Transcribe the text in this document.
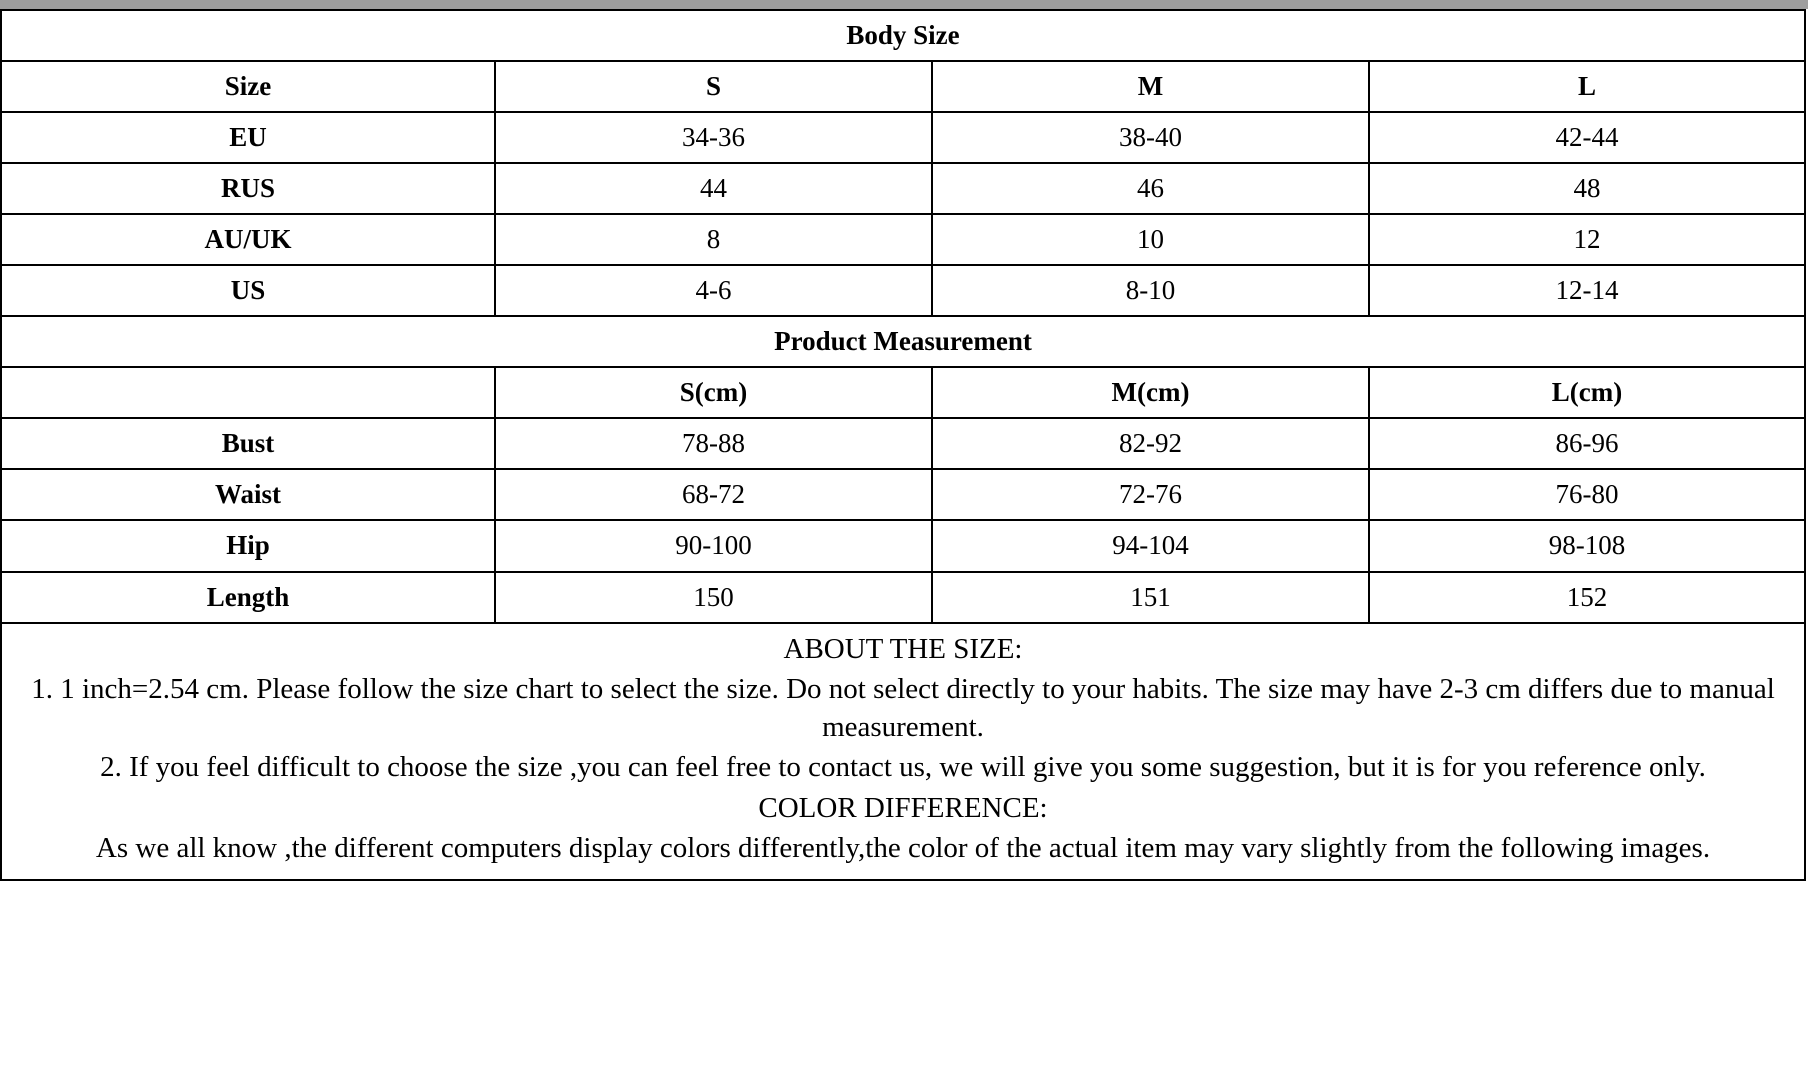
Body Size			
Size	S	M	L
EU	34-36	38-40	42-44
RUS	44	46	48
AU/UK	8	10	12
US	4-6	8-10	12-14
Product Measurement			
	S(cm)	M(cm)	L(cm)
Bust	78-88	82-92	86-96
Waist	68-72	72-76	76-80
Hip	90-100	94-104	98-108
Length	150	151	152

ABOUT THE SIZE:

1. 1 inch=2.54 cm. Please follow the size chart to select the size. Do not select directly to your habits. The size may have 2-3 cm differs due to manual measurement.

2. If you feel difficult to choose the size ,you can feel free to contact us, we will give you some suggestion, but it is for you reference only.

COLOR DIFFERENCE:

As we all know ,the different computers display colors differently,the color of the actual item may vary slightly from the following images.
